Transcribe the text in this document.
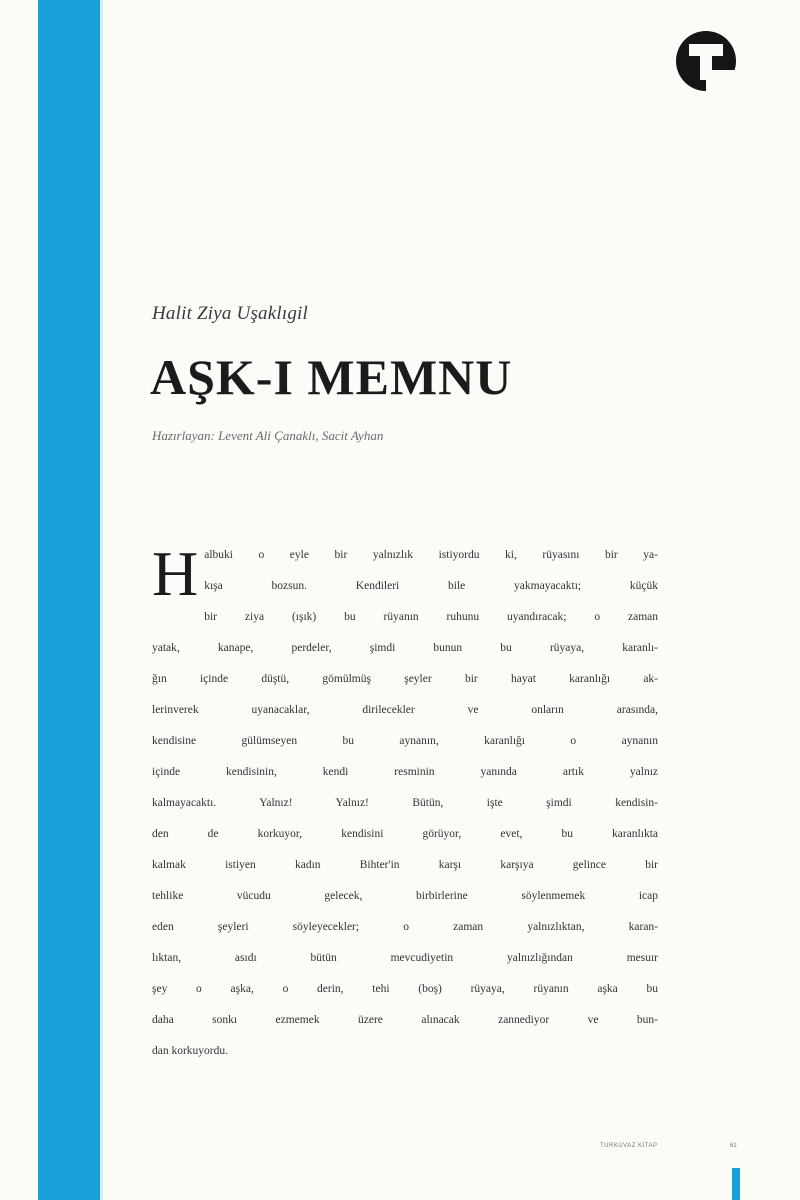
Halit Ziya Uşaklıgil
AŞK-I MEMNU
Hazırlayan: Levent Ali Çanaklı, Sacit Ayhan
H albuki o eyle bir yalnızlık istiyordu ki, rüyasını bir ya-
kışa bozsun. Kendileri bile yakmayacaktı; küçük
bir ziya (ışık) bu rüyanın ruhunu uyandıracak; o zaman
yatak, kanape, perdeler, şimdi bunun bu rüyaya, karanlı-
ğın içinde düştü, gömülmüş şeyler bir hayat karanlığı ak-
lerinverek uyanacaklar, dirilecekler ve onların arasında,
kendisine gülümseyen bu aynanın, karanlığı o aynanın
içinde kendisinin, kendi resminin yanında artık yalnız
kalmayacaktı. Yalnız! Yalnız! Bütün, işte şimdi kendisin-
den de korkuyor, kendisini görüyor, evet, bu karanlıkta
kalmak istiyen kadın Bihter'in karşı karşıya gelince bir
tehlike vücudu gelecek, birbirlerine söylenmemek icap
eden şeyleri söyleyecekler; o zaman yalnızlıktan, karan-
lıktan, asıdı bütün mevcudiyetin yalnızlığından mesuır
şey o aşka, o derin, tehi (boş) rüyaya, rüyanın aşka bu
daha sonkı ezmemek üzere alınacak zannediyor ve bun-
dan korkuyordu.
TURKUVAZ KİTAP	61
